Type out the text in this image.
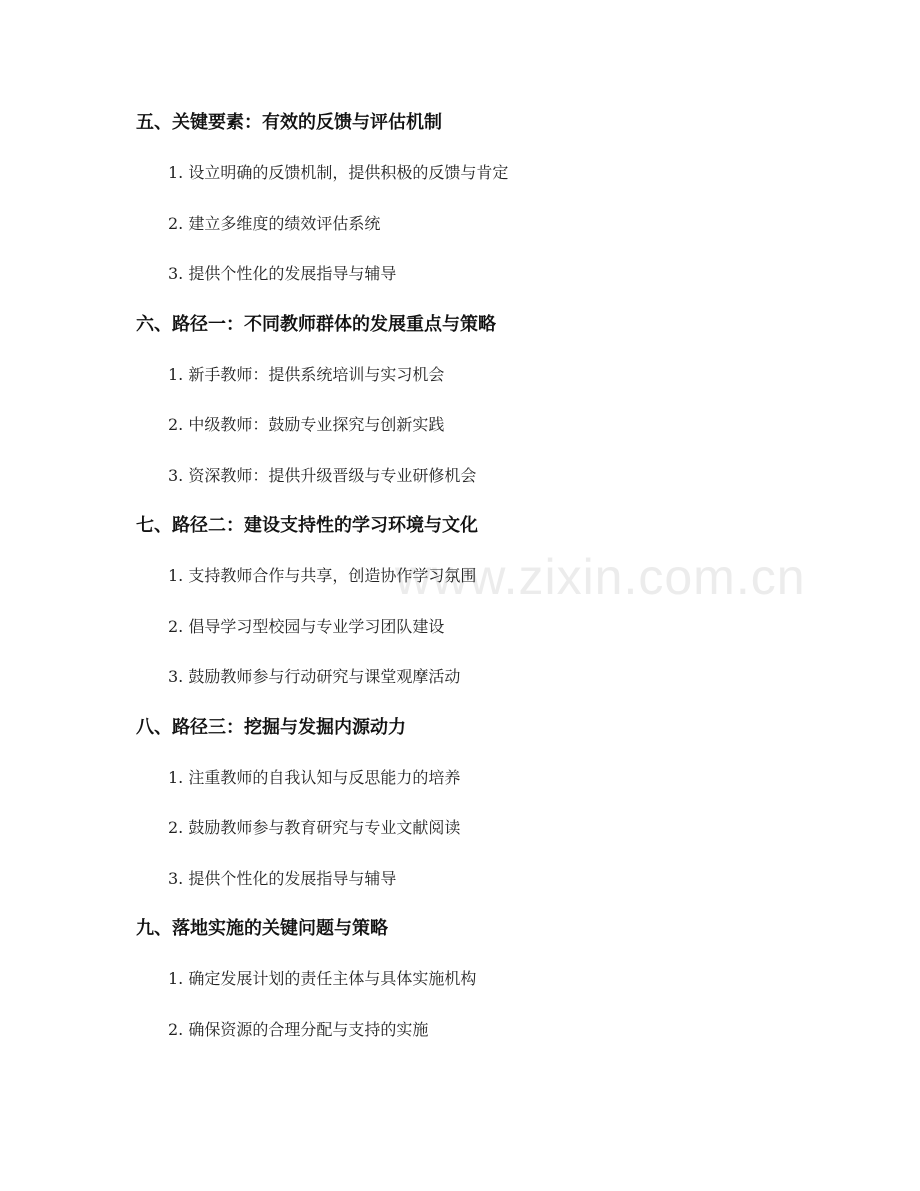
www.zixin.com.cn
五、关键要素：有效的反馈与评估机制

1. 设立明确的反馈机制，提供积极的反馈与肯定

2. 建立多维度的绩效评估系统

3. 提供个性化的发展指导与辅导

六、路径一：不同教师群体的发展重点与策略

1. 新手教师：提供系统培训与实习机会

2. 中级教师：鼓励专业探究与创新实践

3. 资深教师：提供升级晋级与专业研修机会

七、路径二：建设支持性的学习环境与文化

1. 支持教师合作与共享，创造协作学习氛围

2. 倡导学习型校园与专业学习团队建设

3. 鼓励教师参与行动研究与课堂观摩活动

八、路径三：挖掘与发掘内源动力

1. 注重教师的自我认知与反思能力的培养

2. 鼓励教师参与教育研究与专业文献阅读

3. 提供个性化的发展指导与辅导

九、落地实施的关键问题与策略

1. 确定发展计划的责任主体与具体实施机构

2. 确保资源的合理分配与支持的实施
